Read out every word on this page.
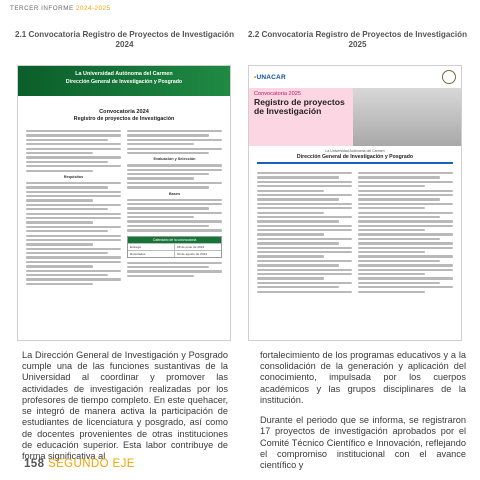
TERCER INFORME 2024-2025
2.1 Convocatoria Registro de Proyectos de Investigación 2024
2.2 Convocatoria Registro de Proyectos de Investigación 2025
La Universidad Autónoma del Carmen
Dirección General de Investigación y Posgrado
Convocatoria 2024
Registro de proyectos de Investigación
Requisitos
Evaluación y Selección
Bases
Calendario de la convocatoria
Entrega	08 de junio de 2024
Resultados	30 de agosto de 2024
•UNACAR
Convocatoria 2025
Registro de proyectos de Investigación
La Universidad Autónoma del Carmen
Dirección General de Investigación y Posgrado

La Dirección General de Investigación y Posgrado cumple una de las funciones sustantivas de la Universidad al coordinar y promover las actividades de investigación realizadas por los profesores de tiempo completo. En este quehacer, se integró de manera activa la participación de estudiantes de licenciatura y posgrado, así como de docentes provenientes de otras instituciones de educación superior. Esta labor contribuye de forma significativa al

fortalecimiento de los programas educativos y a la consolidación de la generación y aplicación del conocimiento, impulsada por los cuerpos académicos y las grupos disciplinares de la institución.

Durante el periodo que se informa, se registraron 17 proyectos de investigación aprobados por el Comité Técnico Científico e Innovación, reflejando el compromiso institucional con el avance científico y

158 SEGUNDO EJE
